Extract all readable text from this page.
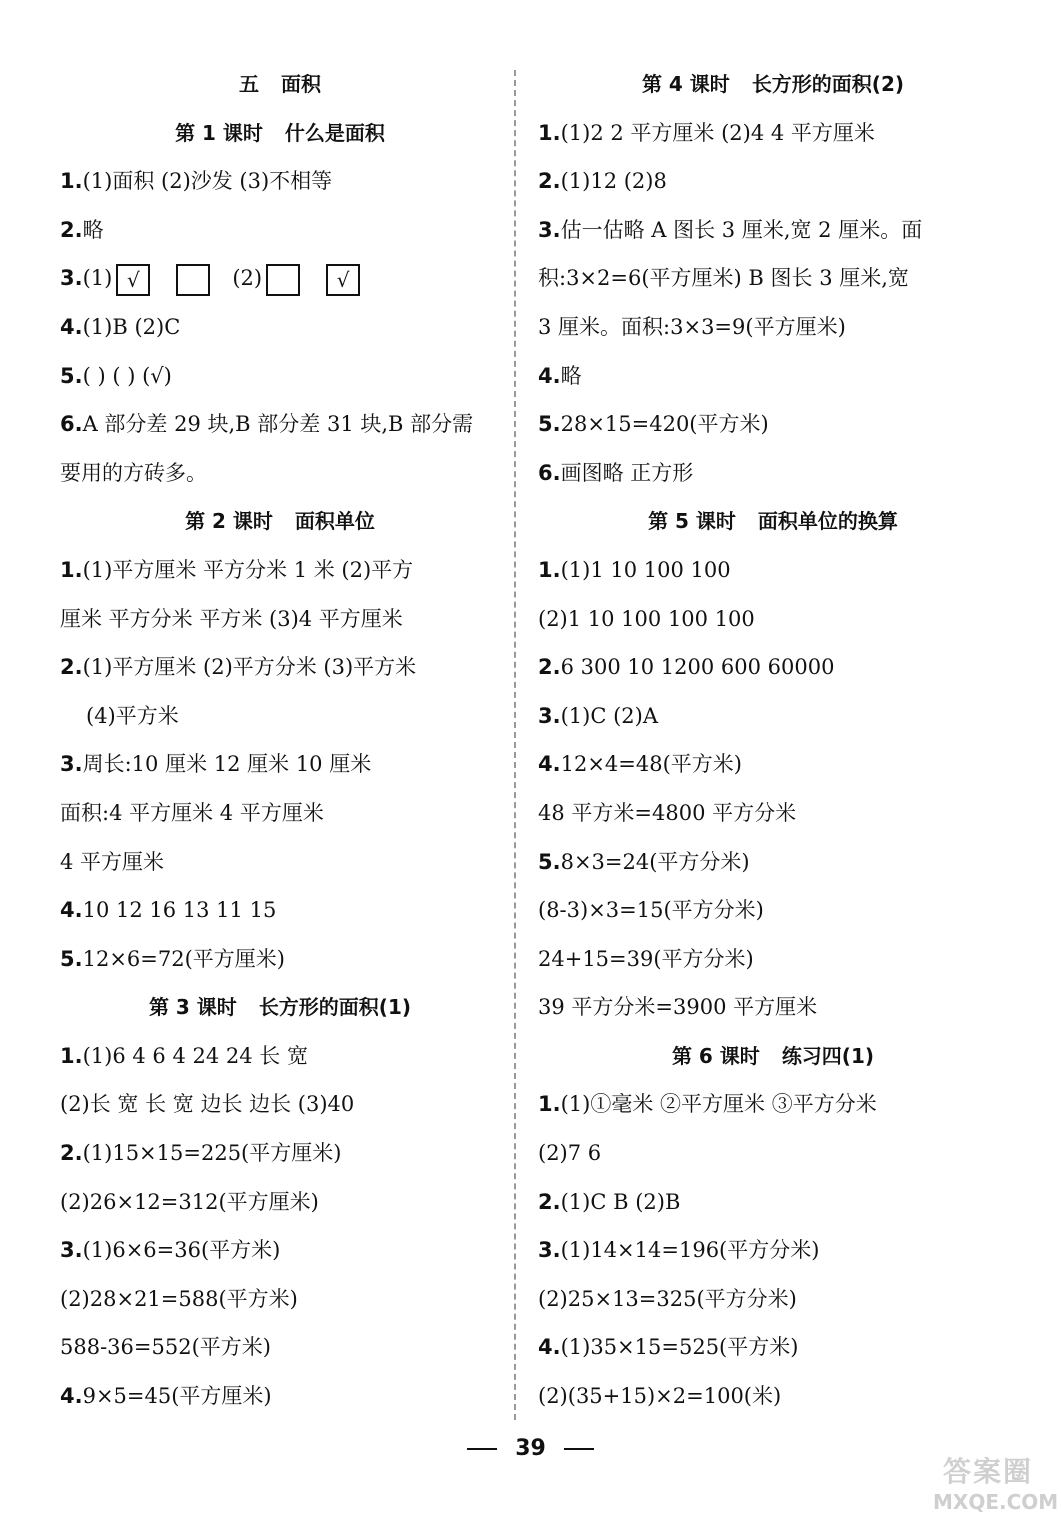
五 面积
第 1 课时 什么是面积
1.(1)面积 (2)沙发 (3)不相等
2.略
3.(1) √	(2)	√
4.(1)B (2)C
5.( ) ( ) (√)
6.A 部分差 29 块,B 部分差 31 块,B 部分需
要用的方砖多。
第 2 课时 面积单位
1.(1)平方厘米 平方分米 1 米 (2)平方
厘米 平方分米 平方米 (3)4 平方厘米
2.(1)平方厘米 (2)平方分米 (3)平方米
(4)平方米
3.周长:10 厘米 12 厘米 10 厘米
面积:4 平方厘米 4 平方厘米
4 平方厘米
4.10 12 16 13 11 15
5.12×6=72(平方厘米)
第 3 课时 长方形的面积(1)
1.(1)6 4 6 4 24 24 长 宽
(2)长 宽 长 宽 边长 边长 (3)40
2.(1)15×15=225(平方厘米)
(2)26×12=312(平方厘米)
3.(1)6×6=36(平方米)
(2)28×21=588(平方米)
588-36=552(平方米)
4.9×5=45(平方厘米)
第 4 课时 长方形的面积(2)
1.(1)2 2 平方厘米 (2)4 4 平方厘米
2.(1)12 (2)8
3.估一估略 A 图长 3 厘米,宽 2 厘米。面
积:3×2=6(平方厘米) B 图长 3 厘米,宽
3 厘米。面积:3×3=9(平方厘米)
4.略
5.28×15=420(平方米)
6.画图略 正方形
第 5 课时 面积单位的换算
1.(1)1 10 100 100
(2)1 10 100 100 100
2.6 300 10 1200 600 60000
3.(1)C (2)A
4.12×4=48(平方米)
48 平方米=4800 平方分米
5.8×3=24(平方分米)
(8-3)×3=15(平方分米)
24+15=39(平方分米)
39 平方分米=3900 平方厘米
第 6 课时 练习四(1)
1.(1)①毫米 ②平方厘米 ③平方分米
(2)7 6
2.(1)C B (2)B
3.(1)14×14=196(平方分米)
(2)25×13=325(平方分米)
4.(1)35×15=525(平方米)
(2)(35+15)×2=100(米)
39
答案圈
MXQE.COM
